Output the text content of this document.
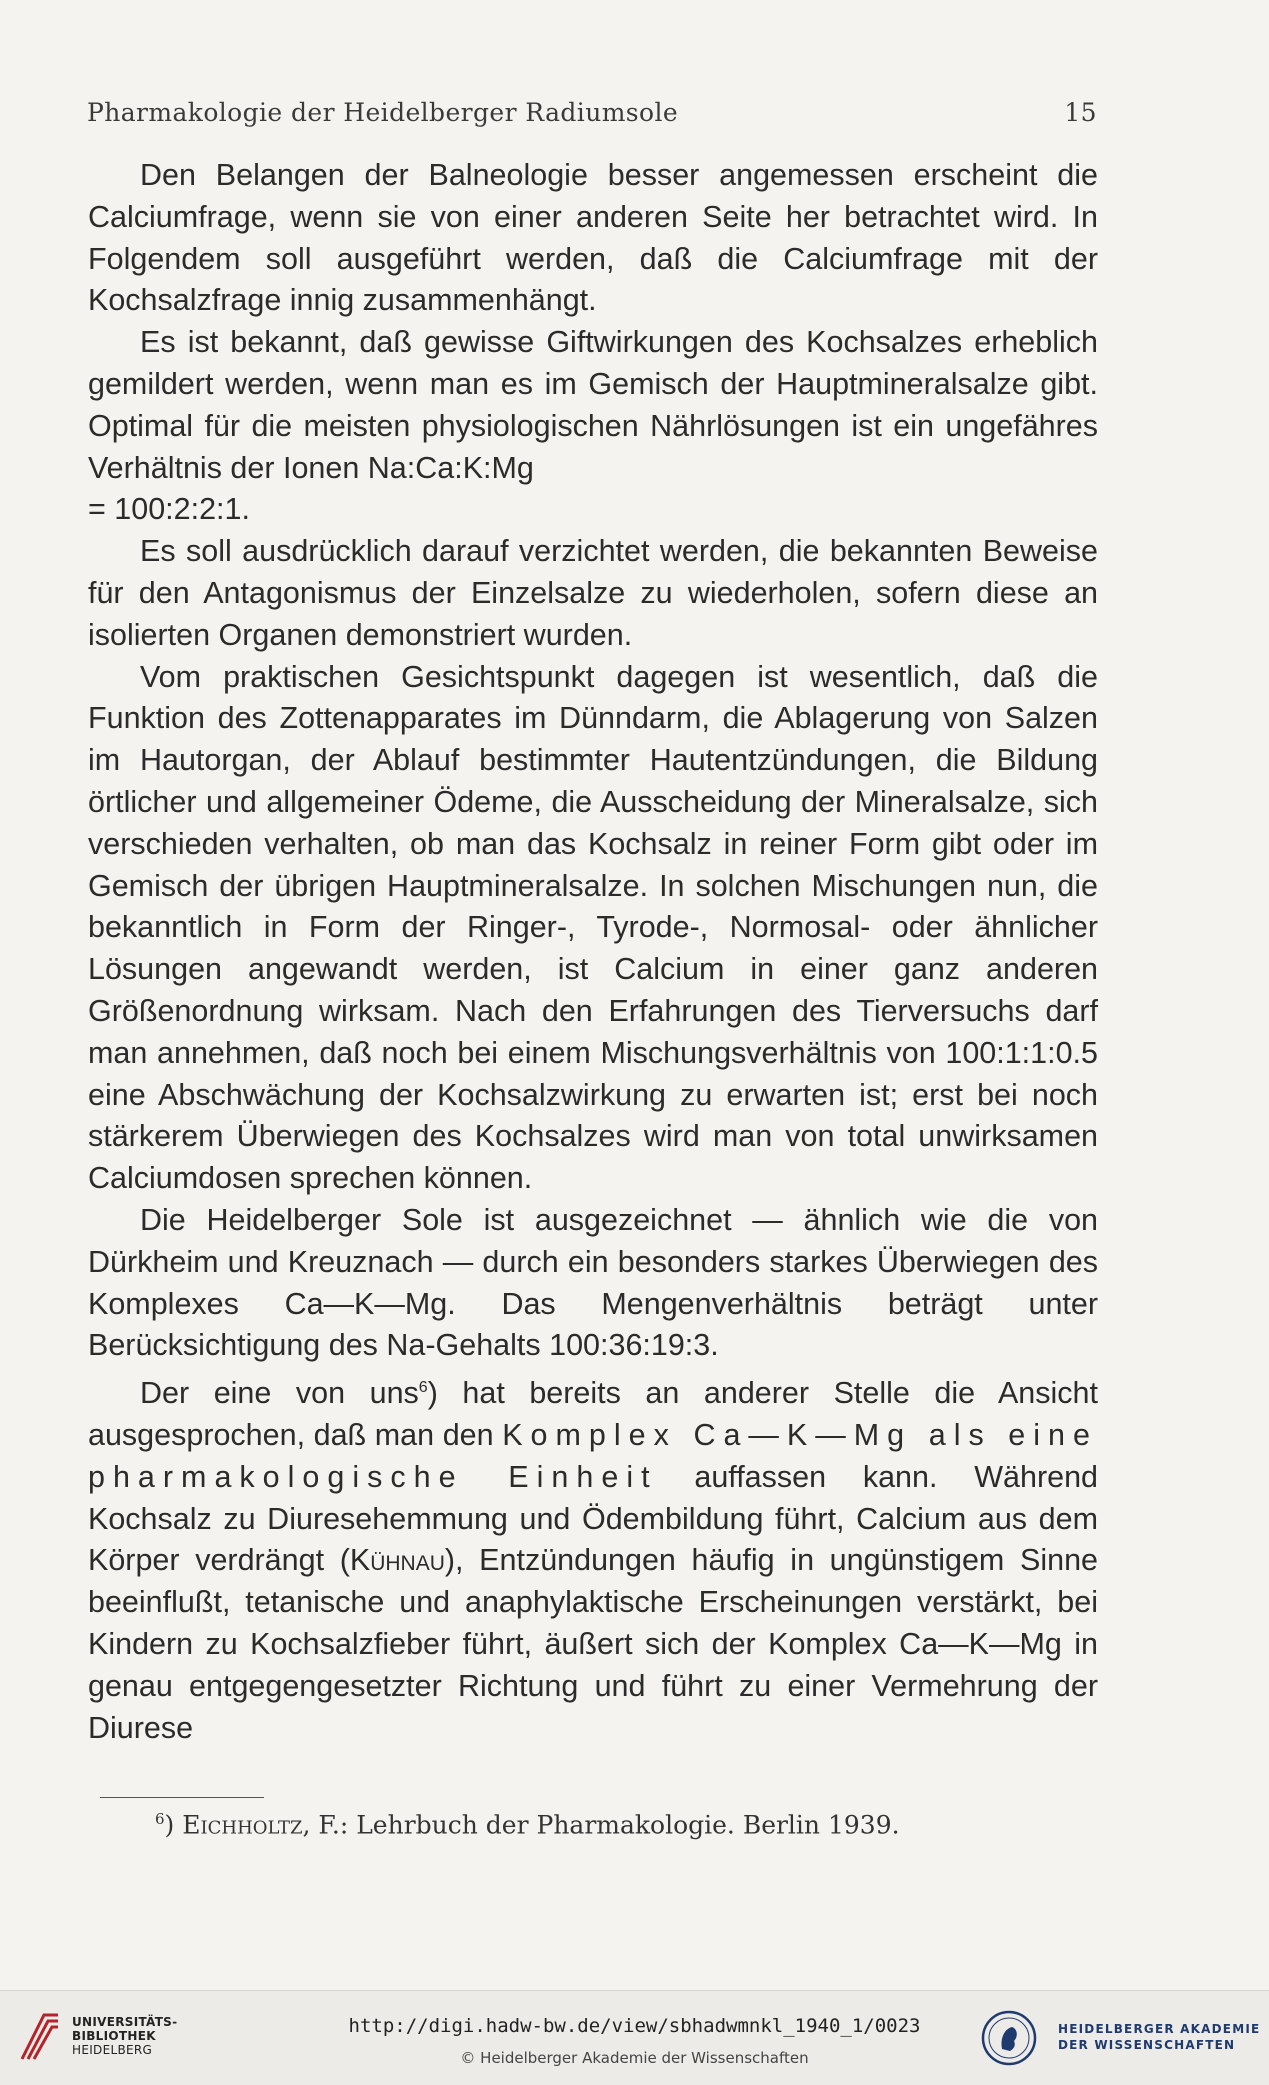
Pharmakologie der Heidelberger Radiumsole	15

Den Belangen der Balneologie besser angemessen erscheint die Calciumfrage, wenn sie von einer anderen Seite her betrachtet wird. In Folgendem soll ausgeführt werden, daß die Calciumfrage mit der Kochsalzfrage innig zusammenhängt.

Es ist bekannt, daß gewisse Giftwirkungen des Kochsalzes erheblich gemildert werden, wenn man es im Gemisch der Hauptmineralsalze gibt. Optimal für die meisten physiologischen Nährlösungen ist ein ungefähres Verhältnis der Ionen Na:Ca:K:Mg

= 100:2:2:1.

Es soll ausdrücklich darauf verzichtet werden, die bekannten Beweise für den Antagonismus der Einzelsalze zu wiederholen, sofern diese an isolierten Organen demonstriert wurden.

Vom praktischen Gesichtspunkt dagegen ist wesentlich, daß die Funktion des Zottenapparates im Dünndarm, die Ablagerung von Salzen im Hautorgan, der Ablauf bestimmter Hautentzündungen, die Bildung örtlicher und allgemeiner Ödeme, die Ausscheidung der Mineralsalze, sich verschieden verhalten, ob man das Kochsalz in reiner Form gibt oder im Gemisch der übrigen Hauptmineralsalze. In solchen Mischungen nun, die bekanntlich in Form der Ringer-, Tyrode-, Normosal- oder ähnlicher Lösungen angewandt werden, ist Calcium in einer ganz anderen Größenordnung wirksam. Nach den Erfahrungen des Tierversuchs darf man annehmen, daß noch bei einem Mischungsverhältnis von 100:1:1:0.5 eine Abschwächung der Kochsalzwirkung zu erwarten ist; erst bei noch stärkerem Überwiegen des Kochsalzes wird man von total unwirksamen Calciumdosen sprechen können.

Die Heidelberger Sole ist ausgezeichnet — ähnlich wie die von Dürkheim und Kreuznach — durch ein besonders starkes Überwiegen des Komplexes Ca—K—Mg. Das Mengenverhältnis beträgt unter Berücksichtigung des Na-Gehalts 100:36:19:3.

Der eine von uns$^6$) hat bereits an anderer Stelle die Ansicht ausgesprochen, daß man den Komplex Ca—K—Mg als eine pharmakologische Einheit auffassen kann. Während Kochsalz zu Diuresehemmung und Ödembildung führt, Calcium aus dem Körper verdrängt (Kühnau), Entzündungen häufig in ungünstigem Sinne beeinflußt, tetanische und anaphylaktische Erscheinungen verstärkt, bei Kindern zu Kochsalzfieber führt, äußert sich der Komplex Ca—K—Mg in genau entgegengesetzter Richtung und führt zu einer Vermehrung der Diurese

$^6$) Eichholtz, F.: Lehrbuch der Pharmakologie. Berlin 1939.
UNIVERSITÄTS-
BIBLIOTHEK
HEIDELBERG
http://digi.hadw-bw.de/view/sbhadwmnkl_1940_1/0023
© Heidelberger Akademie der Wissenschaften
HEIDELBERGER AKADEMIE
DER WISSENSCHAFTEN
